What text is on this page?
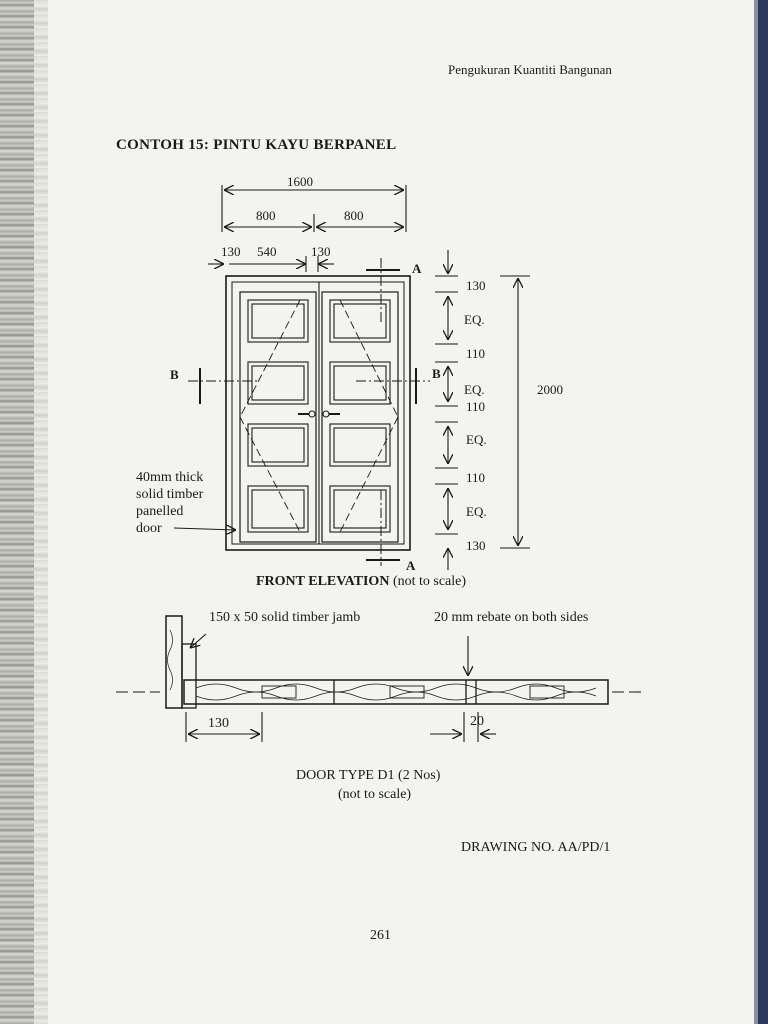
Pengukuran Kuantiti Bangunan
CONTOH 15: PINTU KAYU BERPANEL
1600
800	800
130 540	130
130
EQ.
110
EQ.
110
EQ.
110
EQ.
130
2000
A
A
B	B
40mm thick
solid timber
panelled
door
FRONT ELEVATION (not to scale)
150 x 50 solid timber jamb	20 mm rebate on both sides
130	20
DOOR TYPE D1 (2 Nos)
(not to scale)
DRAWING NO. AA/PD/1
261
